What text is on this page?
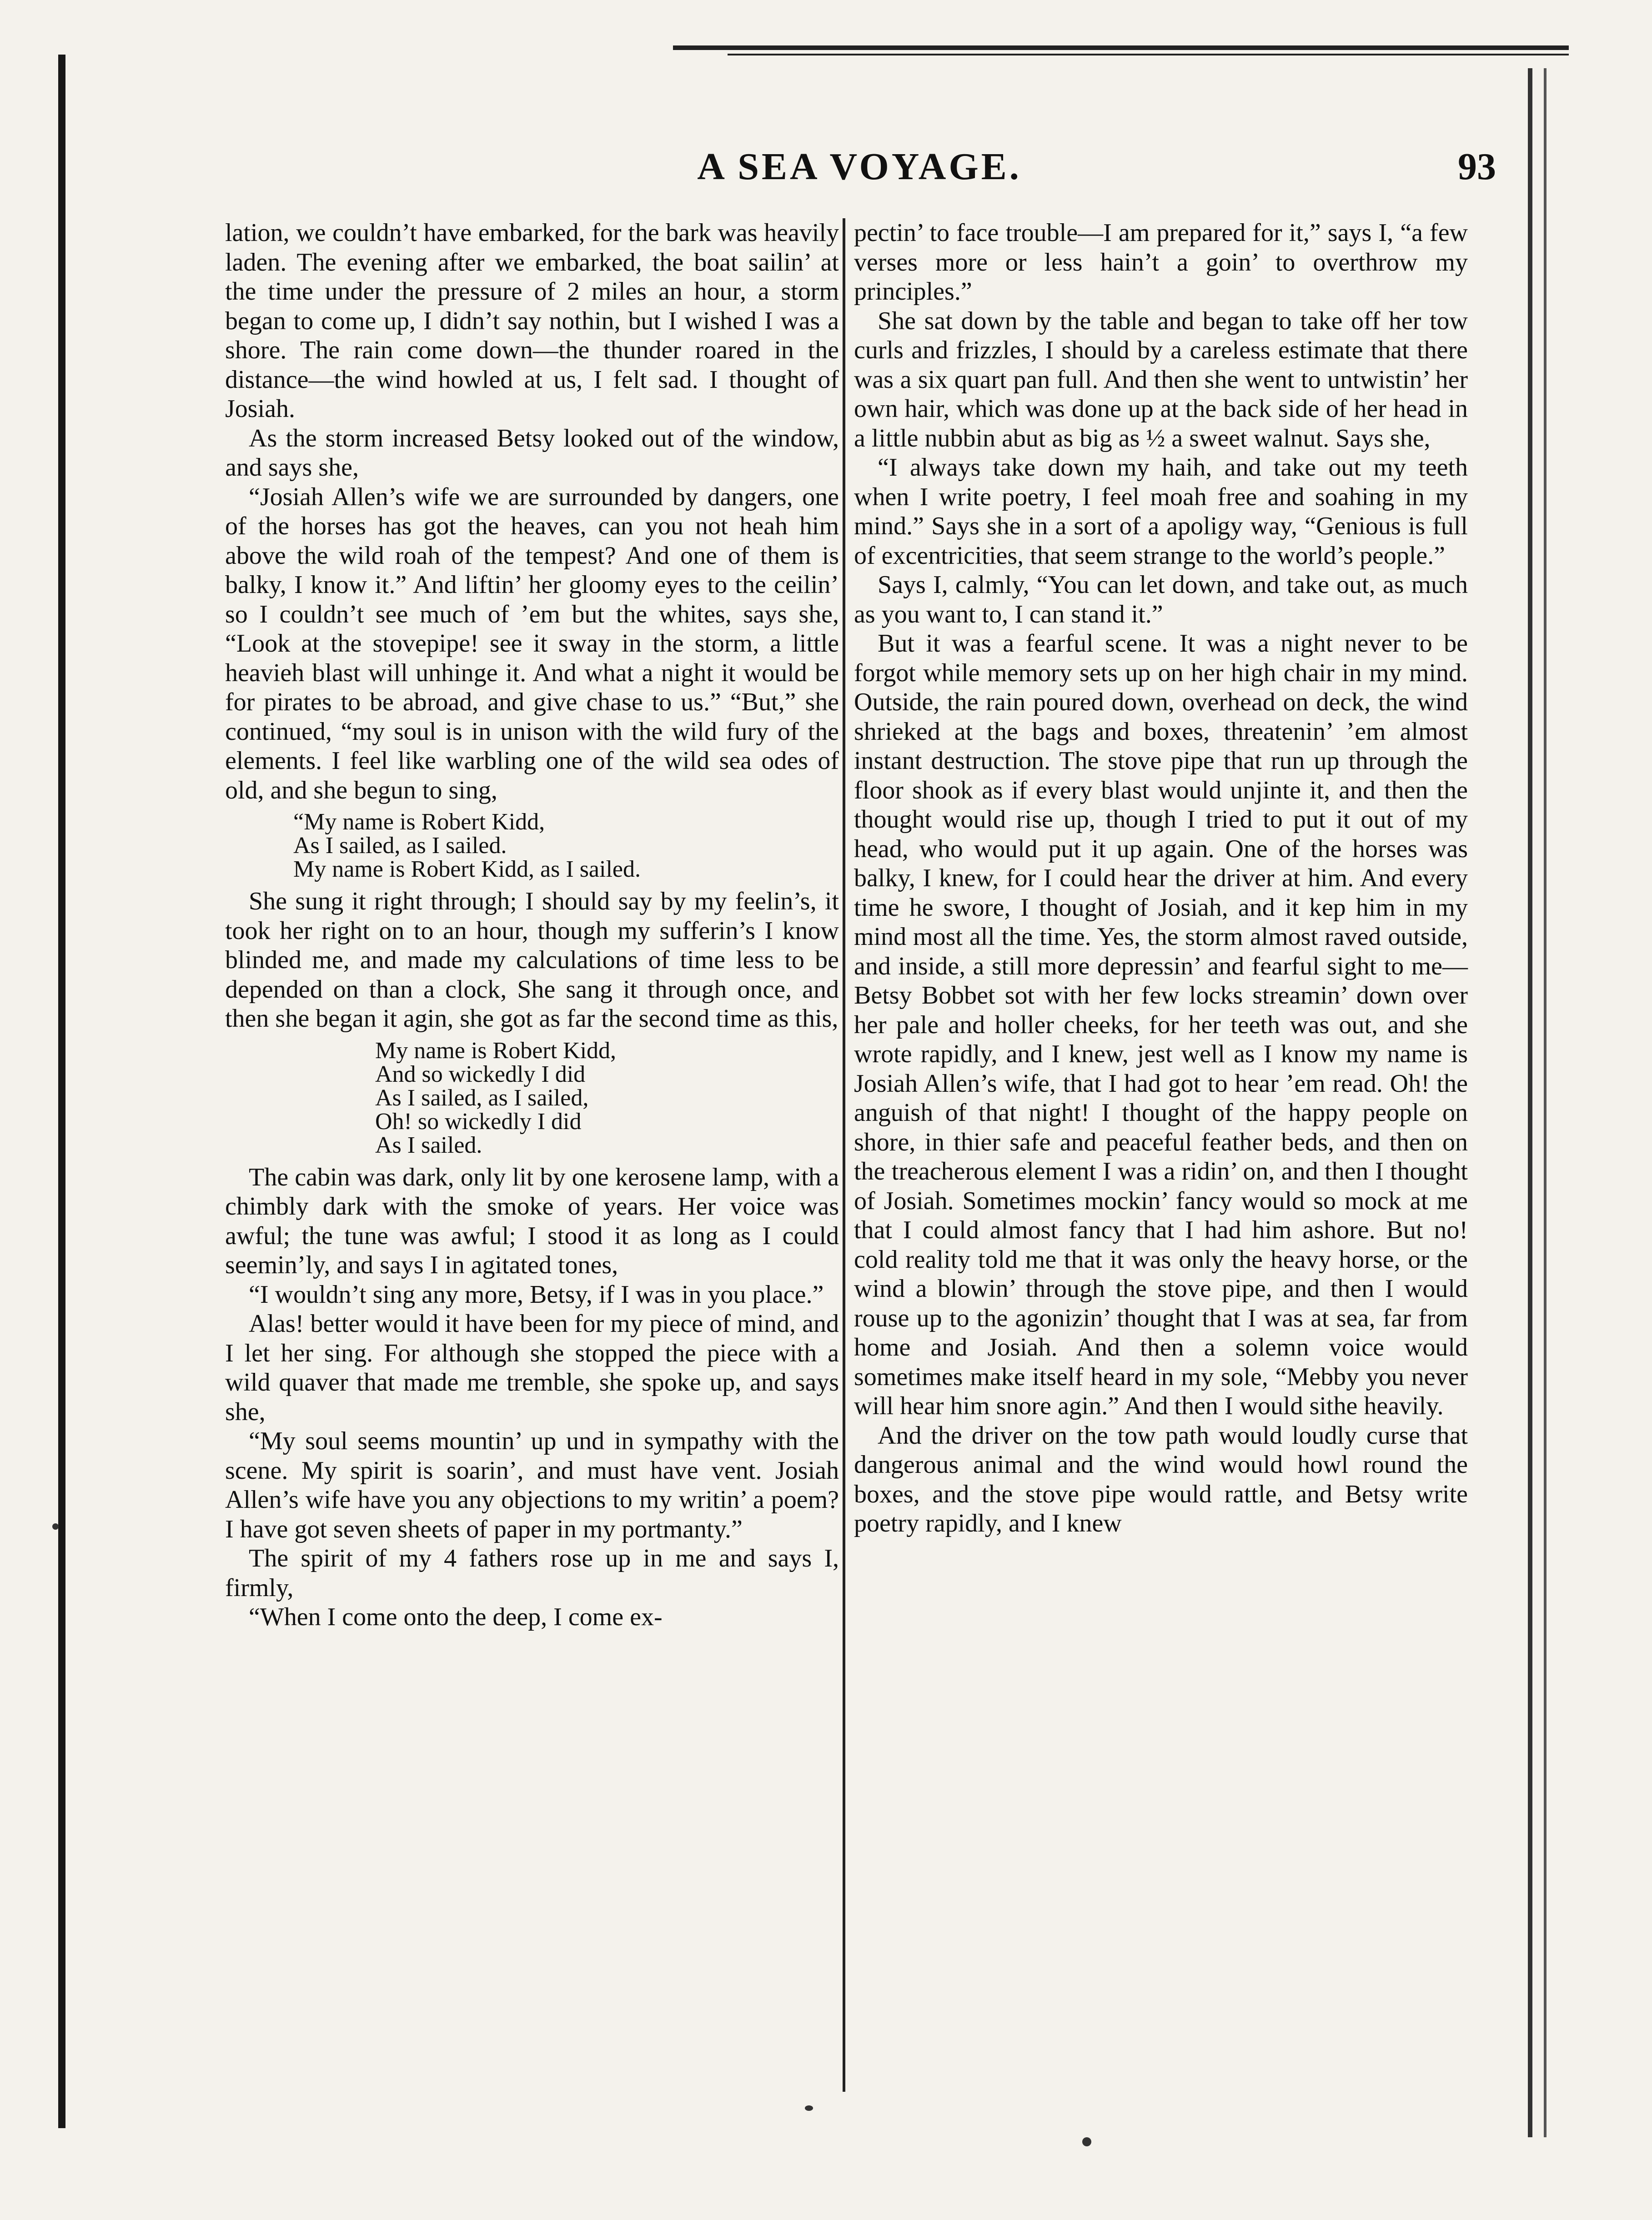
A SEA VOYAGE.	93

lation, we couldn’t have embarked, for the bark was heavily laden. The evening after we embarked, the boat sailin’ at the time under the pressure of 2 miles an hour, a storm began to come up, I didn’t say nothin, but I wished I was a shore. The rain come down—the thunder roared in the distance—the wind howled at us, I felt sad. I thought of Josiah.

As the storm increased Betsy looked out of the window, and says she,

“Josiah Allen’s wife we are surrounded by dangers, one of the horses has got the heaves, can you not heah him above the wild roah of the tempest? And one of them is balky, I know it.” And liftin’ her gloomy eyes to the ceilin’ so I couldn’t see much of ’em but the whites, says she, “Look at the stovepipe! see it sway in the storm, a little heavieh blast will unhinge it. And what a night it would be for pirates to be abroad, and give chase to us.” “But,” she continued, “my soul is in unison with the wild fury of the elements. I feel like warbling one of the wild sea odes of old, and she begun to sing,

“My name is Robert Kidd,
As I sailed, as I sailed.
My name is Robert Kidd, as I sailed.

She sung it right through; I should say by my feelin’s, it took her right on to an hour, though my sufferin’s I know blinded me, and made my calculations of time less to be depended on than a clock, She sang it through once, and then she began it agin, she got as far the second time as this,

My name is Robert Kidd,
And so wickedly I did
As I sailed, as I sailed,
Oh! so wickedly I did
As I sailed.

The cabin was dark, only lit by one kerosene lamp, with a chimbly dark with the smoke of years. Her voice was awful; the tune was awful; I stood it as long as I could seemin’ly, and says I in agitated tones,

“I wouldn’t sing any more, Betsy, if I was in you place.”

Alas! better would it have been for my piece of mind, and I let her sing. For although she stopped the piece with a wild quaver that made me tremble, she spoke up, and says she,

“My soul seems mountin’ up und in sympathy with the scene. My spirit is soarin’, and must have vent. Josiah Allen’s wife have you any objections to my writin’ a poem? I have got seven sheets of paper in my portmanty.”

The spirit of my 4 fathers rose up in me and says I, firmly,

“When I come onto the deep, I come ex-

pectin’ to face trouble—I am prepared for it,” says I, “a few verses more or less hain’t a goin’ to overthrow my principles.”

She sat down by the table and began to take off her tow curls and frizzles, I should by a careless estimate that there was a six quart pan full. And then she went to untwistin’ her own hair, which was done up at the back side of her head in a little nubbin abut as big as ½ a sweet walnut. Says she,

“I always take down my haih, and take out my teeth when I write poetry, I feel moah free and soahing in my mind.” Says she in a sort of a apoligy way, “Genious is full of excentricities, that seem strange to the world’s people.”

Says I, calmly, “You can let down, and take out, as much as you want to, I can stand it.”

But it was a fearful scene. It was a night never to be forgot while memory sets up on her high chair in my mind. Outside, the rain poured down, overhead on deck, the wind shrieked at the bags and boxes, threatenin’ ’em almost instant destruction. The stove pipe that run up through the floor shook as if every blast would unjinte it, and then the thought would rise up, though I tried to put it out of my head, who would put it up again. One of the horses was balky, I knew, for I could hear the driver at him. And every time he swore, I thought of Josiah, and it kep him in my mind most all the time. Yes, the storm almost raved outside, and inside, a still more depressin’ and fearful sight to me—Betsy Bobbet sot with her few locks streamin’ down over her pale and holler cheeks, for her teeth was out, and she wrote rapidly, and I knew, jest well as I know my name is Josiah Allen’s wife, that I had got to hear ’em read. Oh! the anguish of that night! I thought of the happy people on shore, in thier safe and peaceful feather beds, and then on the treacherous element I was a ridin’ on, and then I thought of Josiah. Sometimes mockin’ fancy would so mock at me that I could almost fancy that I had him ashore. But no! cold reality told me that it was only the heavy horse, or the wind a blowin’ through the stove pipe, and then I would rouse up to the agonizin’ thought that I was at sea, far from home and Josiah. And then a solemn voice would sometimes make itself heard in my sole, “Mebby you never will hear him snore agin.” And then I would sithe heavily.

And the driver on the tow path would loudly curse that dangerous animal and the wind would howl round the boxes, and the stove pipe would rattle, and Betsy write poetry rapidly, and I knew
